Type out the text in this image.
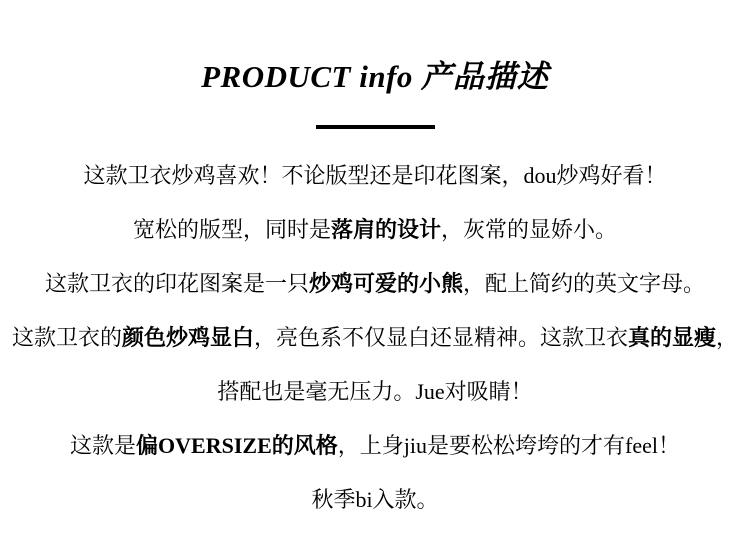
PRODUCT info 产品描述

这款卫衣炒鸡喜欢！不论版型还是印花图案，dou炒鸡好看！

宽松的版型，同时是落肩的设计，灰常的显娇小。

这款卫衣的印花图案是一只炒鸡可爱的小熊，配上简约的英文字母。

这款卫衣的颜色炒鸡显白，亮色系不仅显白还显精神。这款卫衣真的显瘦，

搭配也是毫无压力。Jue对吸睛！

这款是偏OVERSIZE的风格，上身jiu是要松松垮垮的才有feel！

秋季bi入款。
